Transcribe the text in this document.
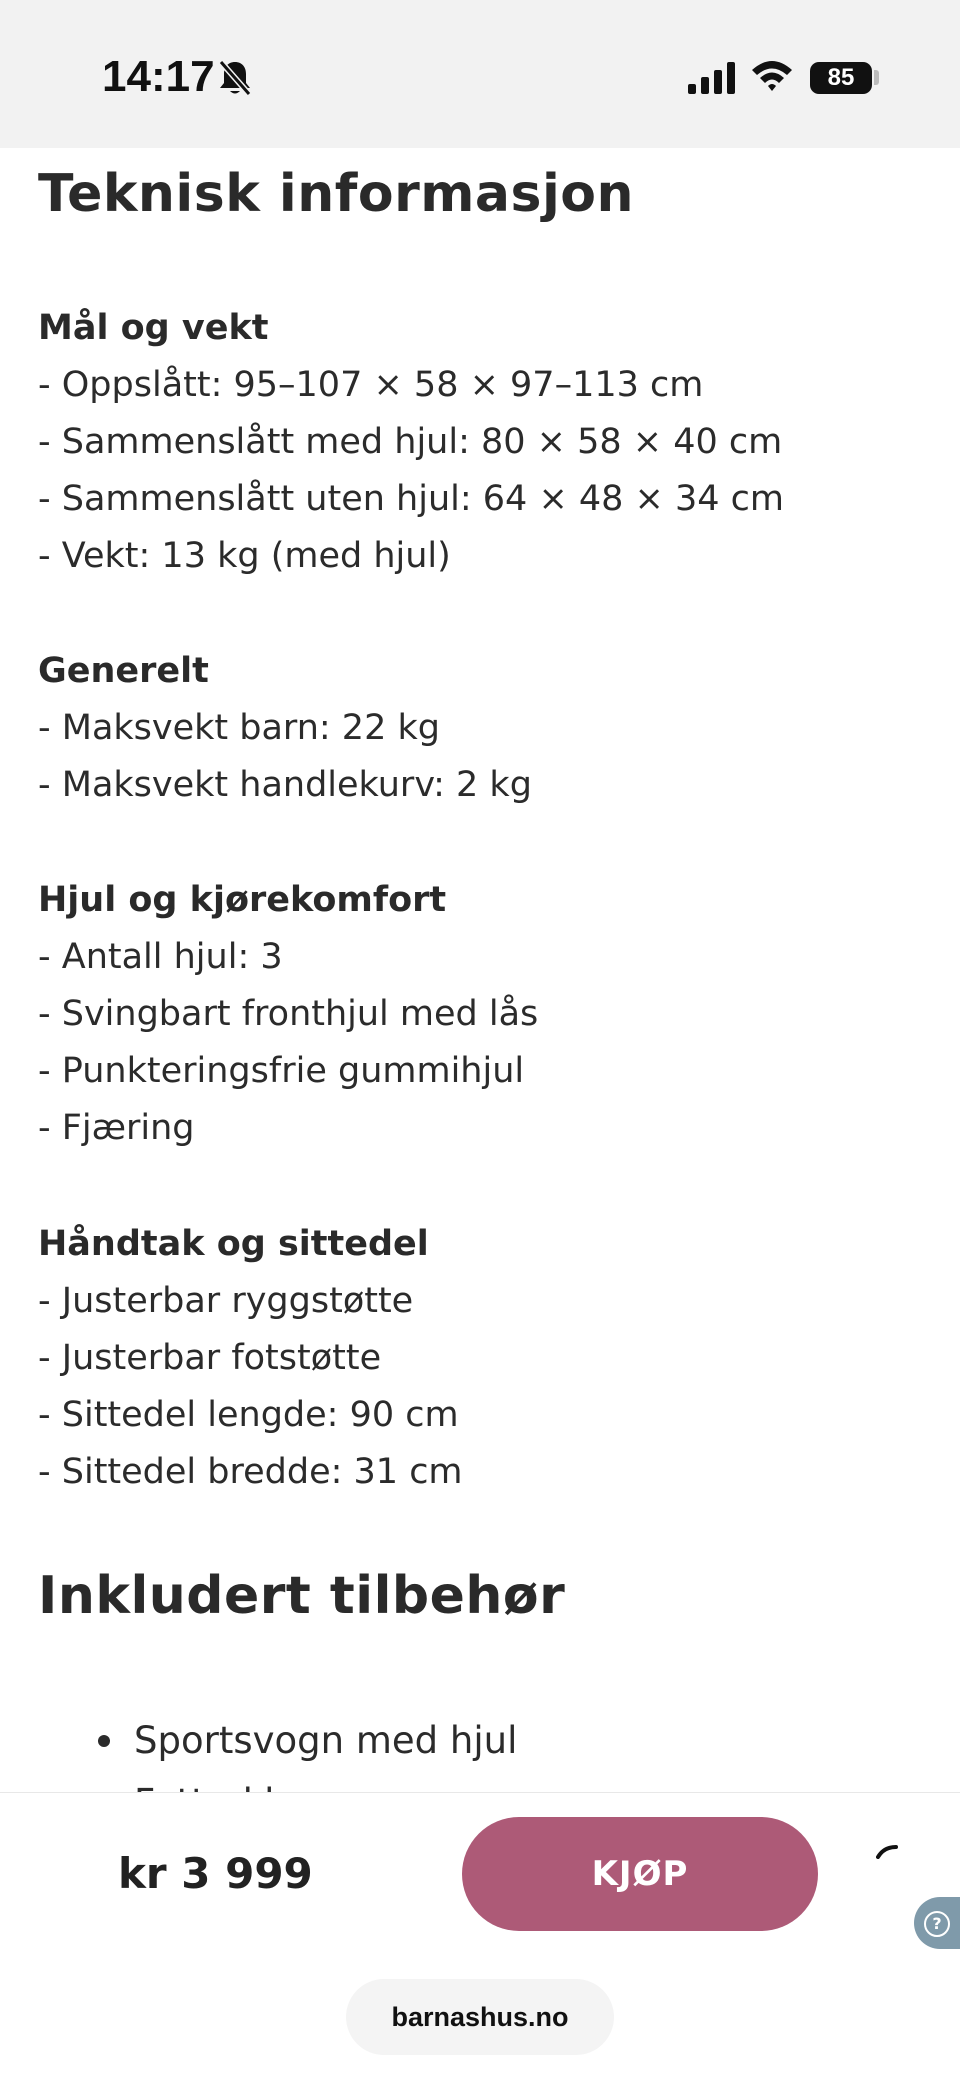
14:17	85
Teknisk informasjon
Mål og vekt
- Oppslått: 95–107 × 58 × 97–113 cm
- Sammenslått med hjul: 80 × 58 × 40 cm
- Sammenslått uten hjul: 64 × 48 × 34 cm
- Vekt: 13 kg (med hjul)
Generelt
- Maksvekt barn: 22 kg
- Maksvekt handlekurv: 2 kg
Hjul og kjørekomfort
- Antall hjul: 3
- Svingbart fronthjul med lås
- Punkteringsfrie gummihjul
- Fjæring
Håndtak og sittedel
- Justerbar ryggstøtte
- Justerbar fotstøtte
- Sittedel lengde: 90 cm
- Sittedel bredde: 31 cm
Inkludert tilbehør
Sportsvogn med hjul
kr 3 999	KJØP
?
barnashus.no
